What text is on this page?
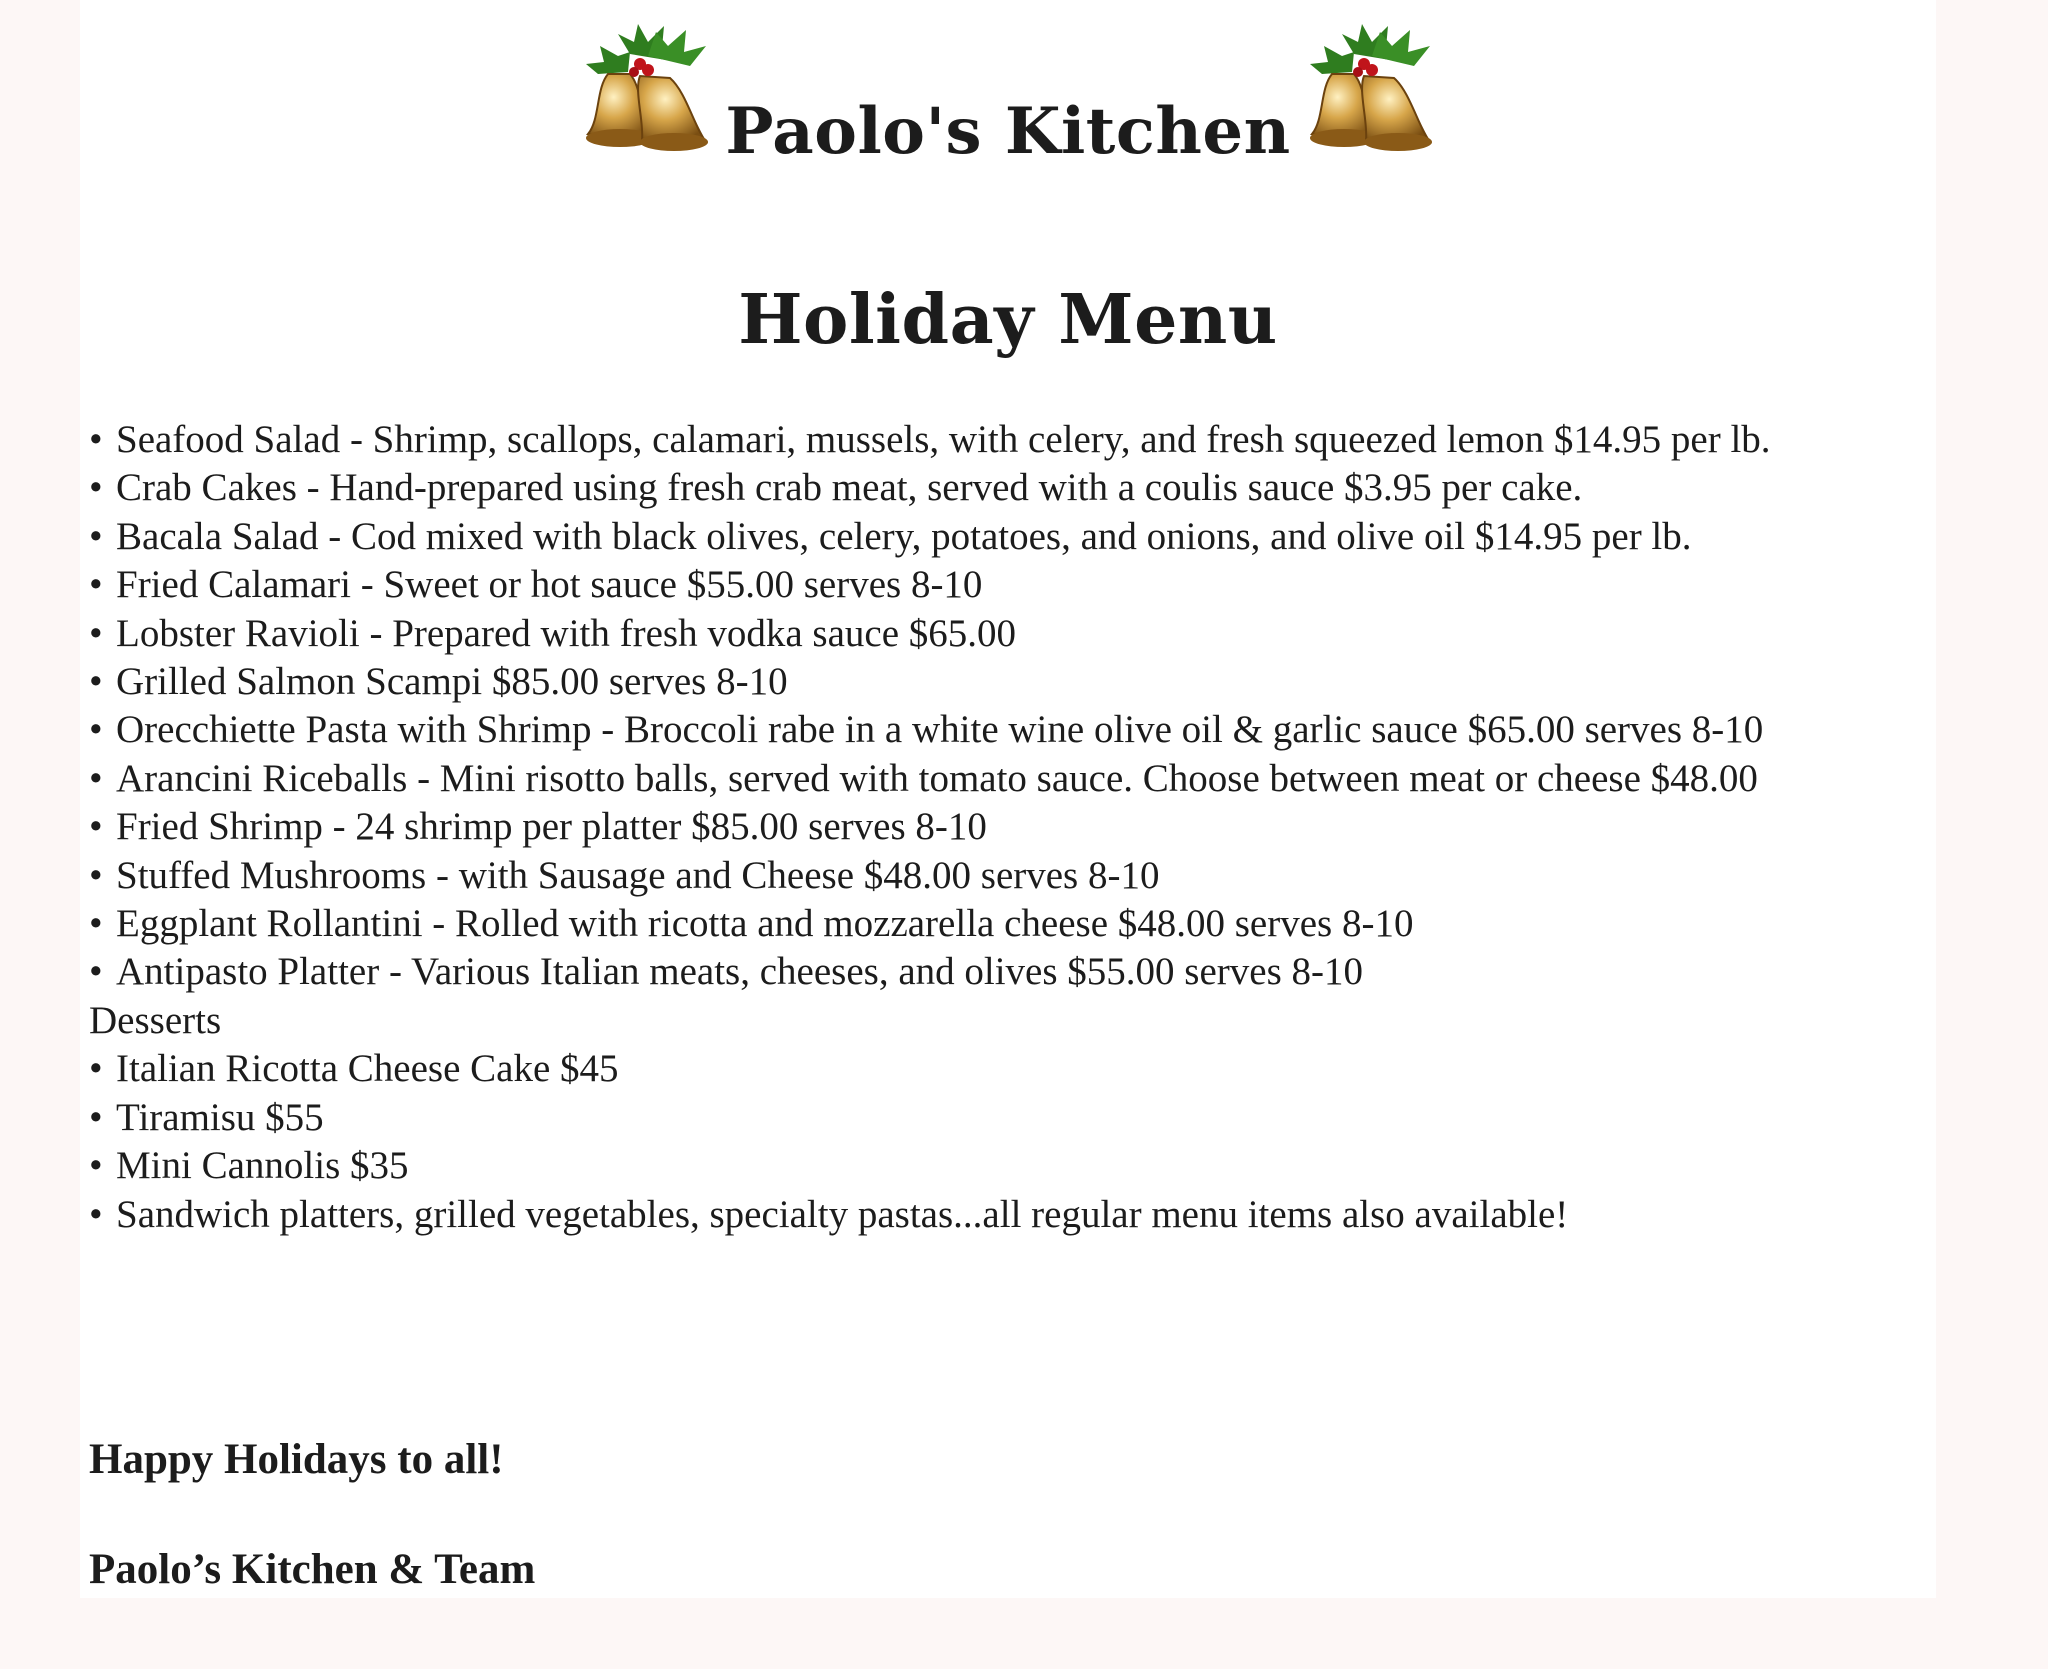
Paolo's Kitchen
Holiday Menu
• Seafood Salad - Shrimp, scallops, calamari, mussels, with celery, and fresh squeezed lemon $14.95 per lb.
• Crab Cakes - Hand-prepared using fresh crab meat, served with a coulis sauce $3.95 per cake.
• Bacala Salad - Cod mixed with black olives, celery, potatoes, and onions, and olive oil $14.95 per lb.
• Fried Calamari - Sweet or hot sauce $55.00 serves 8-10
• Lobster Ravioli - Prepared with fresh vodka sauce $65.00
• Grilled Salmon Scampi $85.00 serves 8-10
• Orecchiette Pasta with Shrimp - Broccoli rabe in a white wine olive oil & garlic sauce $65.00 serves 8-10
• Arancini Riceballs - Mini risotto balls, served with tomato sauce. Choose between meat or cheese $48.00
• Fried Shrimp - 24 shrimp per platter $85.00 serves 8-10
• Stuffed Mushrooms - with Sausage and Cheese $48.00 serves 8-10
• Eggplant Rollantini - Rolled with ricotta and mozzarella cheese $48.00 serves 8-10
• Antipasto Platter - Various Italian meats, cheeses, and olives $55.00 serves 8-10
Desserts
• Italian Ricotta Cheese Cake $45
• Tiramisu $55
• Mini Cannolis $35
• Sandwich platters, grilled vegetables, specialty pastas...all regular menu items also available!

Happy Holidays to all!

Paolo’s Kitchen & Team
